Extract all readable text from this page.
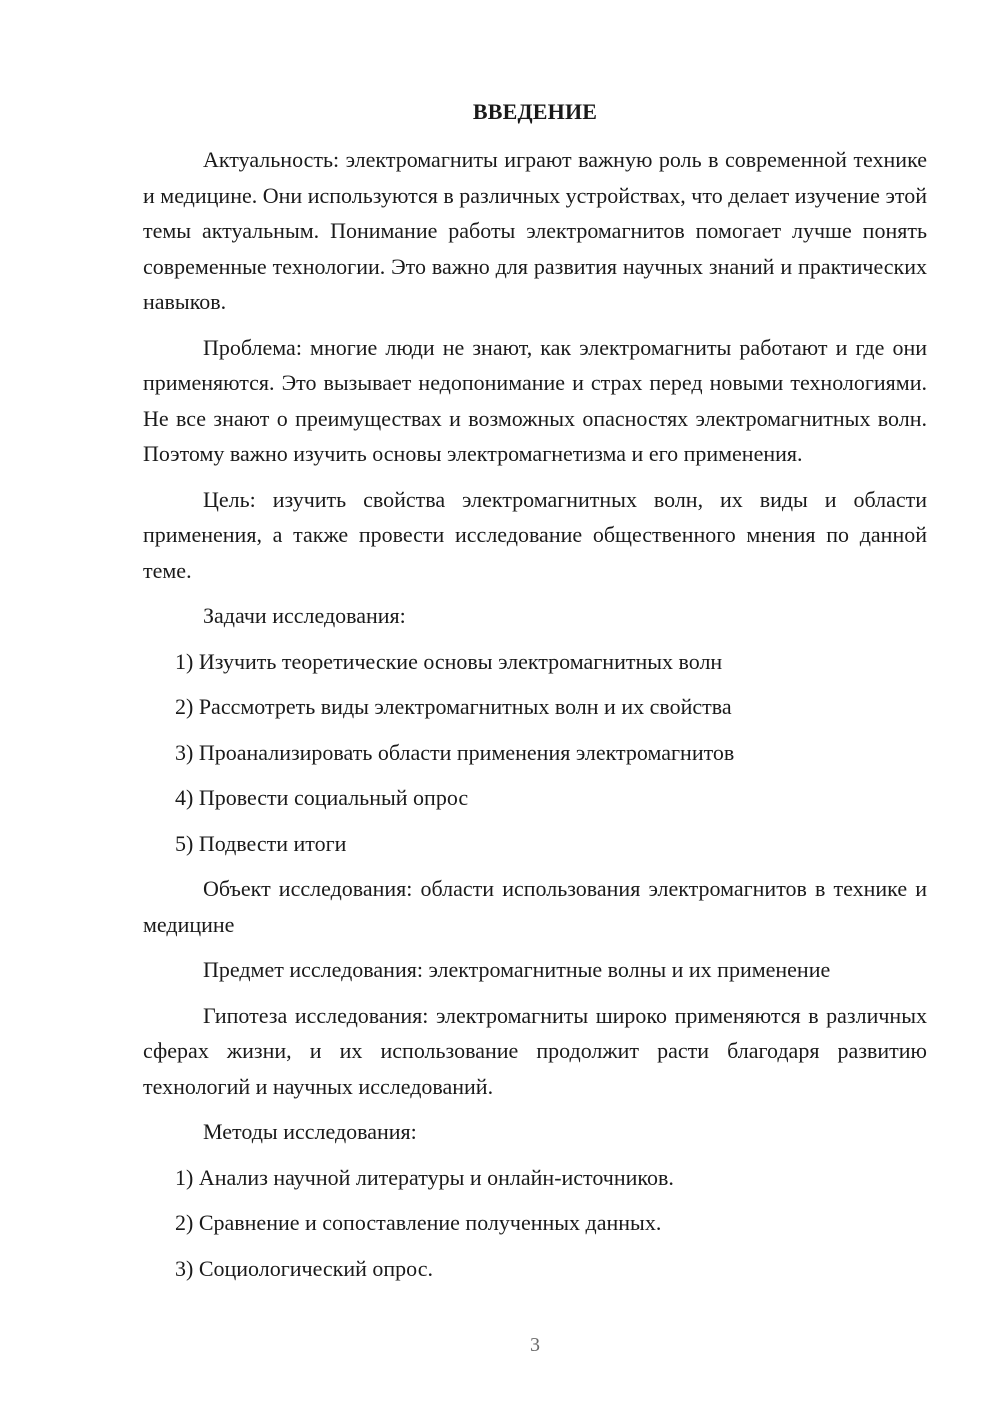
ВВЕДЕНИЕ

Актуальность: электромагниты играют важную роль в современной технике и медицине. Они используются в различных устройствах, что делает изучение этой темы актуальным. Понимание работы электромагнитов помогает лучше понять современные технологии. Это важно для развития научных знаний и практических навыков.

Проблема: многие люди не знают, как электромагниты работают и где они применяются. Это вызывает недопонимание и страх перед новыми технологиями. Не все знают о преимуществах и возможных опасностях электромагнитных волн. Поэтому важно изучить основы электромагнетизма и его применения.

Цель: изучить свойства электромагнитных волн, их виды и области применения, а также провести исследование общественного мнения по данной теме.

Задачи исследования:

1) Изучить теоретические основы электромагнитных волн

2) Рассмотреть виды электромагнитных волн и их свойства

3) Проанализировать области применения электромагнитов

4) Провести социальный опрос

5) Подвести итоги

Объект исследования: области использования электромагнитов в технике и медицине

Предмет исследования: электромагнитные волны и их применение

Гипотеза исследования: электромагниты широко применяются в различных сферах жизни, и их использование продолжит расти благодаря развитию технологий и научных исследований.

Методы исследования:

1) Анализ научной литературы и онлайн-источников.

2) Сравнение и сопоставление полученных данных.

3) Социологический опрос.

3
